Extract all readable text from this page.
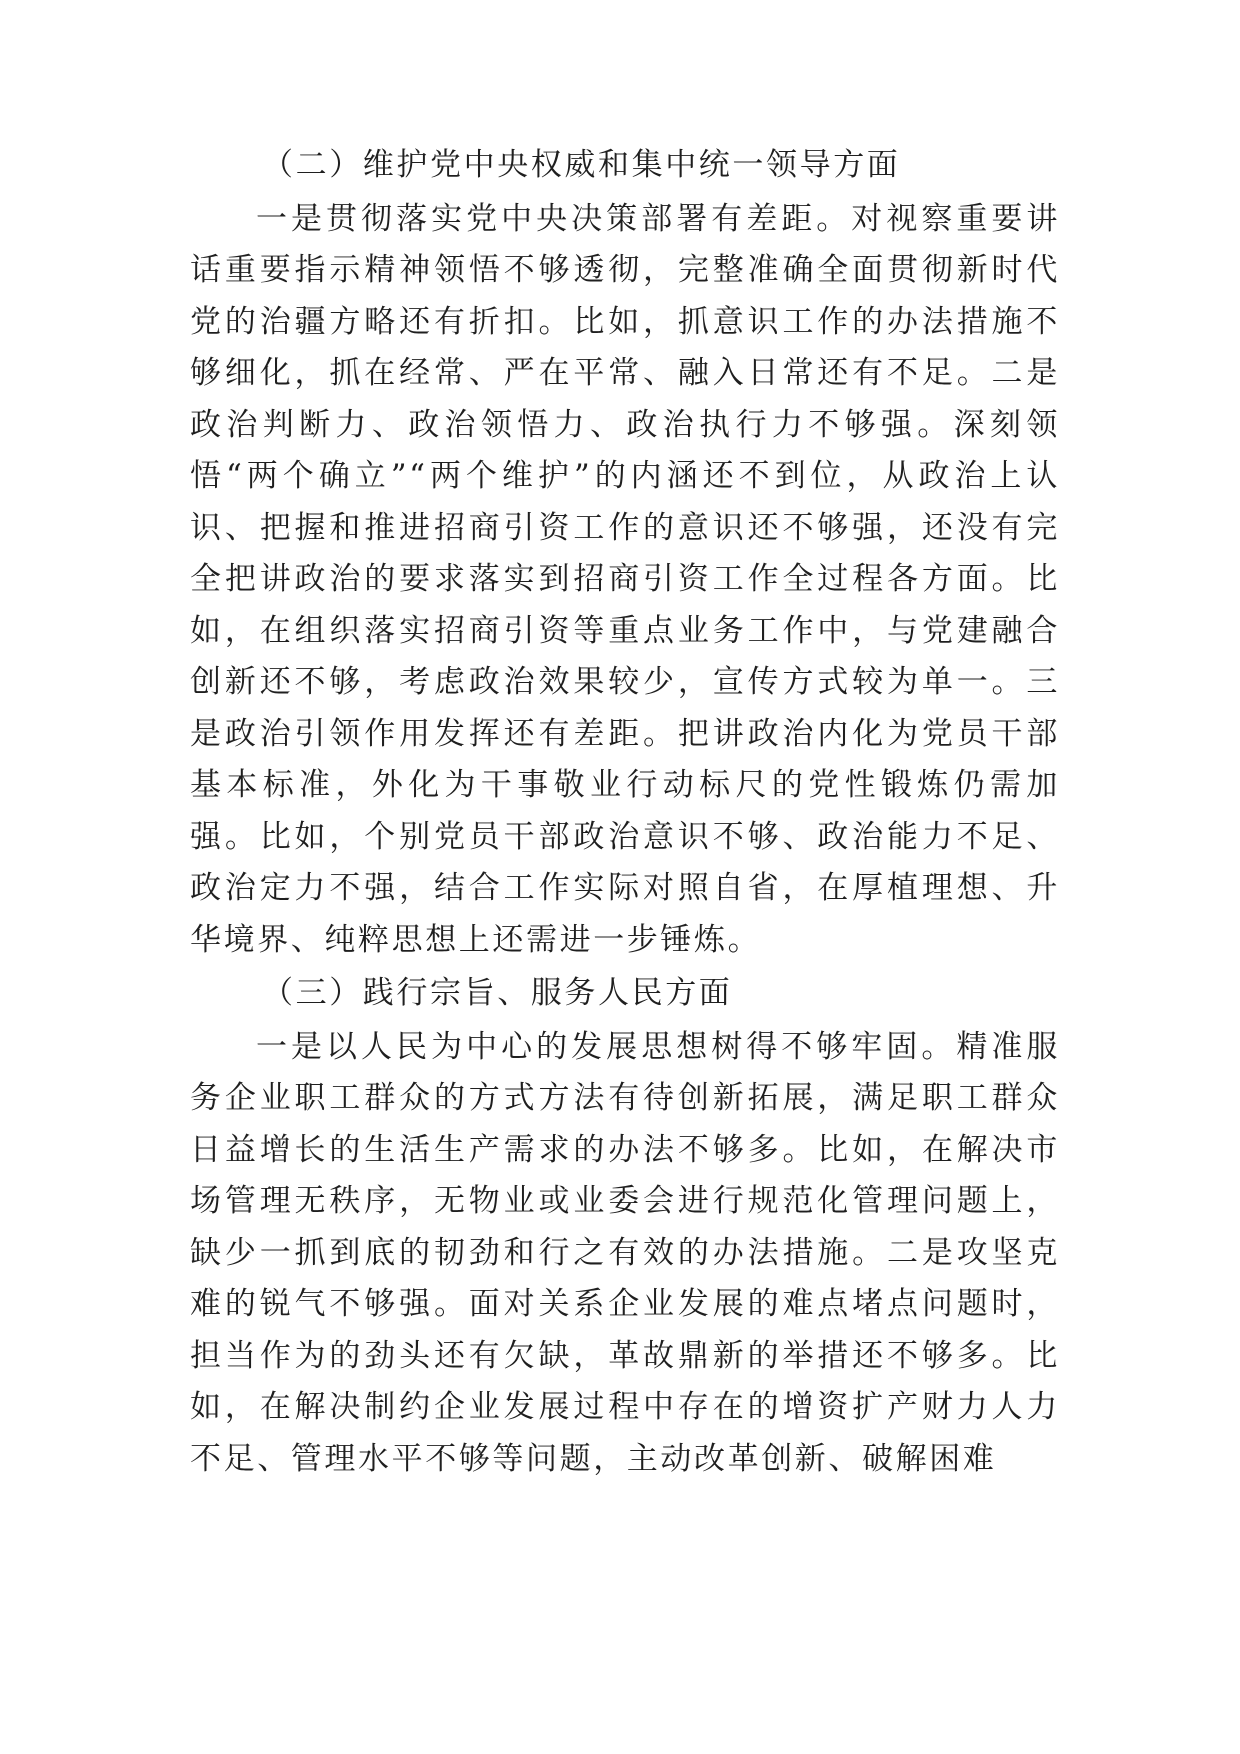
（二）维护党中央权威和集中统一领导方面

一是贯彻落实党中央决策部署有差距。对视察重要讲话重要指示精神领悟不够透彻，完整准确全面贯彻新时代党的治疆方略还有折扣。比如，抓意识工作的办法措施不够细化，抓在经常、严在平常、融入日常还有不足。二是政治判断力、政治领悟力、政治执行力不够强。深刻领悟“两个确立”“两个维护”的内涵还不到位，从政治上认识、把握和推进招商引资工作的意识还不够强，还没有完全把讲政治的要求落实到招商引资工作全过程各方面。比如，在组织落实招商引资等重点业务工作中，与党建融合创新还不够，考虑政治效果较少，宣传方式较为单一。三是政治引领作用发挥还有差距。把讲政治内化为党员干部基本标准，外化为干事敬业行动标尺的党性锻炼仍需加强。比如，个别党员干部政治意识不够、政治能力不足、政治定力不强，结合工作实际对照自省，在厚植理想、升华境界、纯粹思想上还需进一步锤炼。

（三）践行宗旨、服务人民方面

一是以人民为中心的发展思想树得不够牢固。精准服务企业职工群众的方式方法有待创新拓展，满足职工群众日益增长的生活生产需求的办法不够多。比如，在解决市场管理无秩序，无物业或业委会进行规范化管理问题上，缺少一抓到底的韧劲和行之有效的办法措施。二是攻坚克难的锐气不够强。面对关系企业发展的难点堵点问题时，担当作为的劲头还有欠缺，革故鼎新的举措还不够多。比如，在解决制约企业发展过程中存在的增资扩产财力人力不足、管理水平不够等问题，主动改革创新、破解困难
